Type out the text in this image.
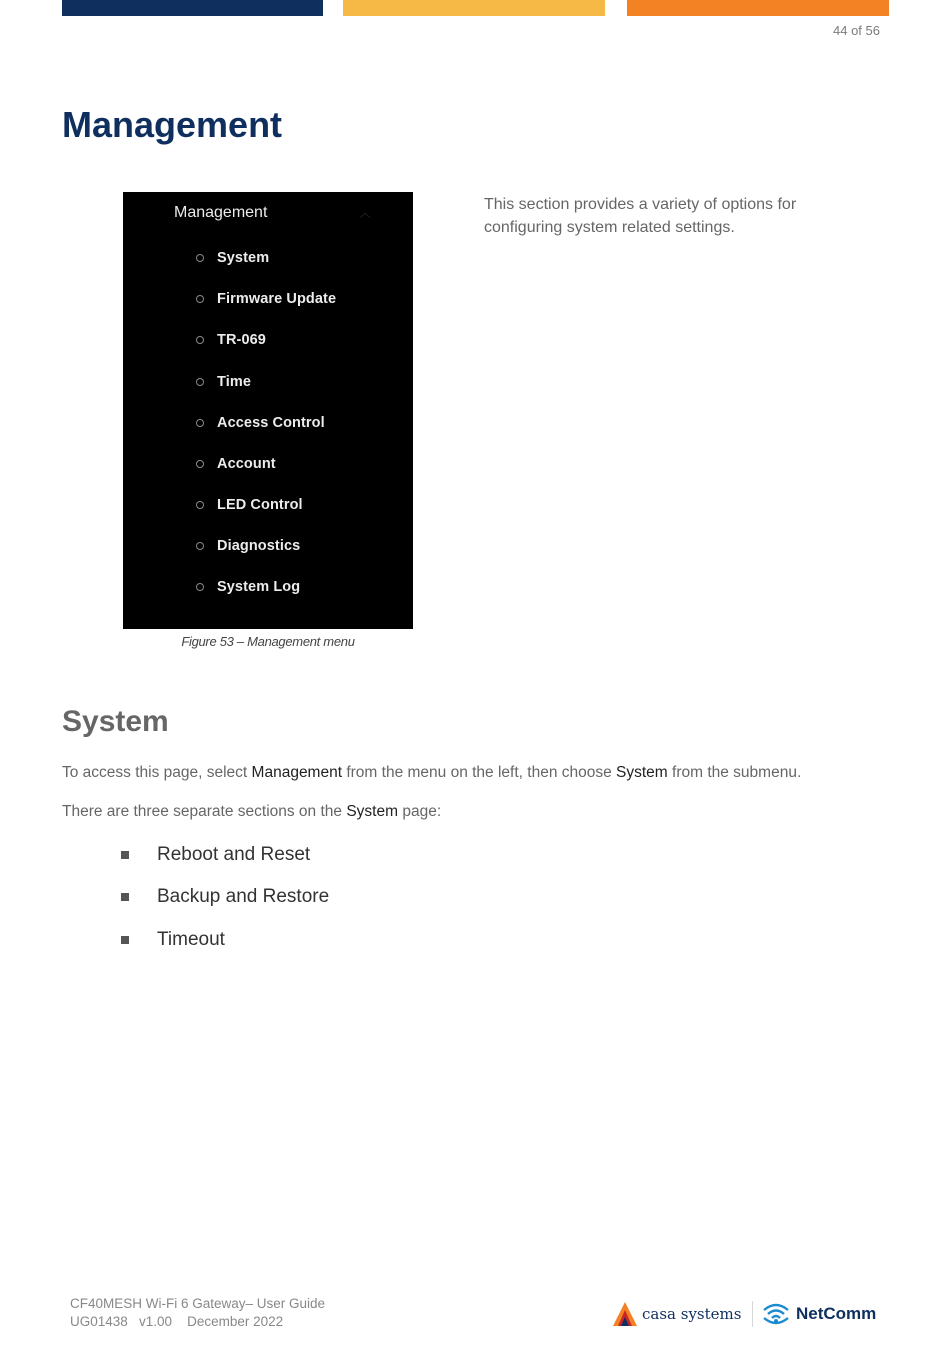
44 of 56
Management
Management	︿
System
Firmware Update
TR-069
Time
Access Control
Account
LED Control
Diagnostics
System Log
Figure 53 – Management menu

This section provides a variety of options for configuring system related settings.

System

To access this page, select Management from the menu on the left, then choose System from the submenu.

There are three separate sections on the System page:

Reboot and Reset
Backup and Restore
Timeout
CF40MESH Wi-Fi 6 Gateway– User Guide
UG01438   v1.00    December 2022	casa systems	NetComm
